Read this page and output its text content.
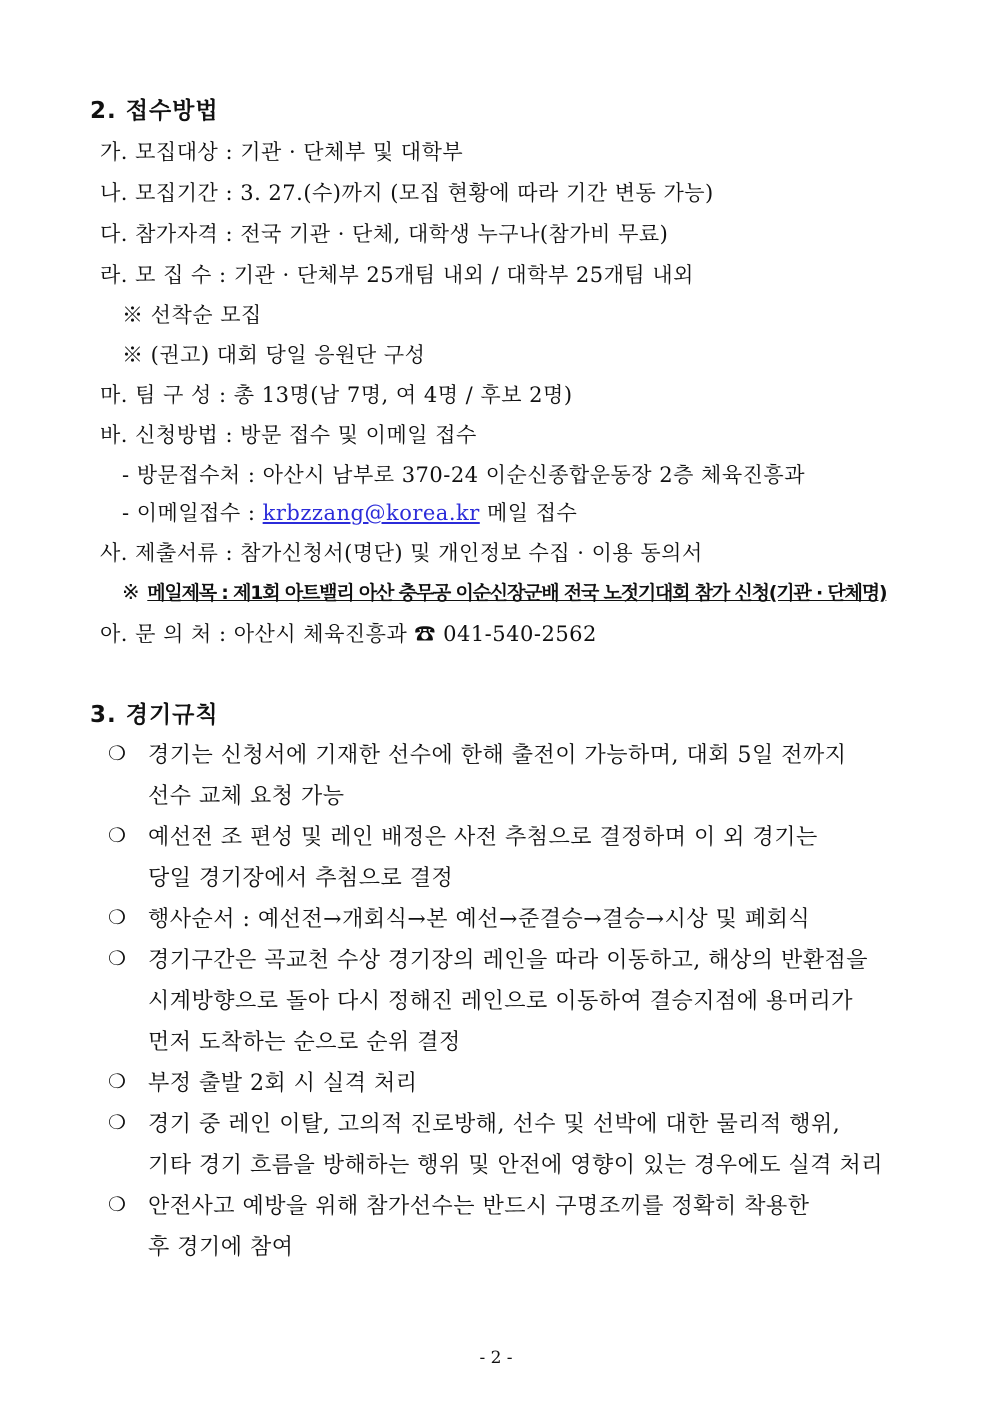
2. 접수방법
가. 모집대상 : 기관 · 단체부 및 대학부
나. 모집기간 : 3. 27.(수)까지 (모집 현황에 따라 기간 변동 가능)
다. 참가자격 : 전국 기관 · 단체, 대학생 누구나(참가비 무료)
라. 모 집 수 : 기관 · 단체부 25개팀 내외 / 대학부 25개팀 내외
※ 선착순 모집
※ (권고) 대회 당일 응원단 구성
마. 팀 구 성 : 총 13명(남 7명, 여 4명 / 후보 2명)
바. 신청방법 : 방문 접수 및 이메일 접수
- 방문접수처 : 아산시 남부로 370-24 이순신종합운동장 2층 체육진흥과
- 이메일접수 : krbzzang@korea.kr 메일 접수
사. 제출서류 : 참가신청서(명단) 및 개인정보 수집 · 이용 동의서
※ 메일제목 : 제1회 아트밸리 아산 충무공 이순신장군배 전국 노젓기대회 참가 신청(기관 · 단체명)
아. 문 의 처 : 아산시 체육진흥과 ☎ 041-540-2562
3. 경기규칙
❍ 경기는 신청서에 기재한 선수에 한해 출전이 가능하며, 대회 5일 전까지
선수 교체 요청 가능
❍ 예선전 조 편성 및 레인 배정은 사전 추첨으로 결정하며 이 외 경기는
당일 경기장에서 추첨으로 결정
❍ 행사순서 : 예선전→개회식→본 예선→준결승→결승→시상 및 폐회식
❍ 경기구간은 곡교천 수상 경기장의 레인을 따라 이동하고, 해상의 반환점을
시계방향으로 돌아 다시 정해진 레인으로 이동하여 결승지점에 용머리가
먼저 도착하는 순으로 순위 결정
❍ 부정 출발 2회 시 실격 처리
❍ 경기 중 레인 이탈, 고의적 진로방해, 선수 및 선박에 대한 물리적 행위,
기타 경기 흐름을 방해하는 행위 및 안전에 영향이 있는 경우에도 실격 처리
❍ 안전사고 예방을 위해 참가선수는 반드시 구명조끼를 정확히 착용한
후 경기에 참여
- 2 -
